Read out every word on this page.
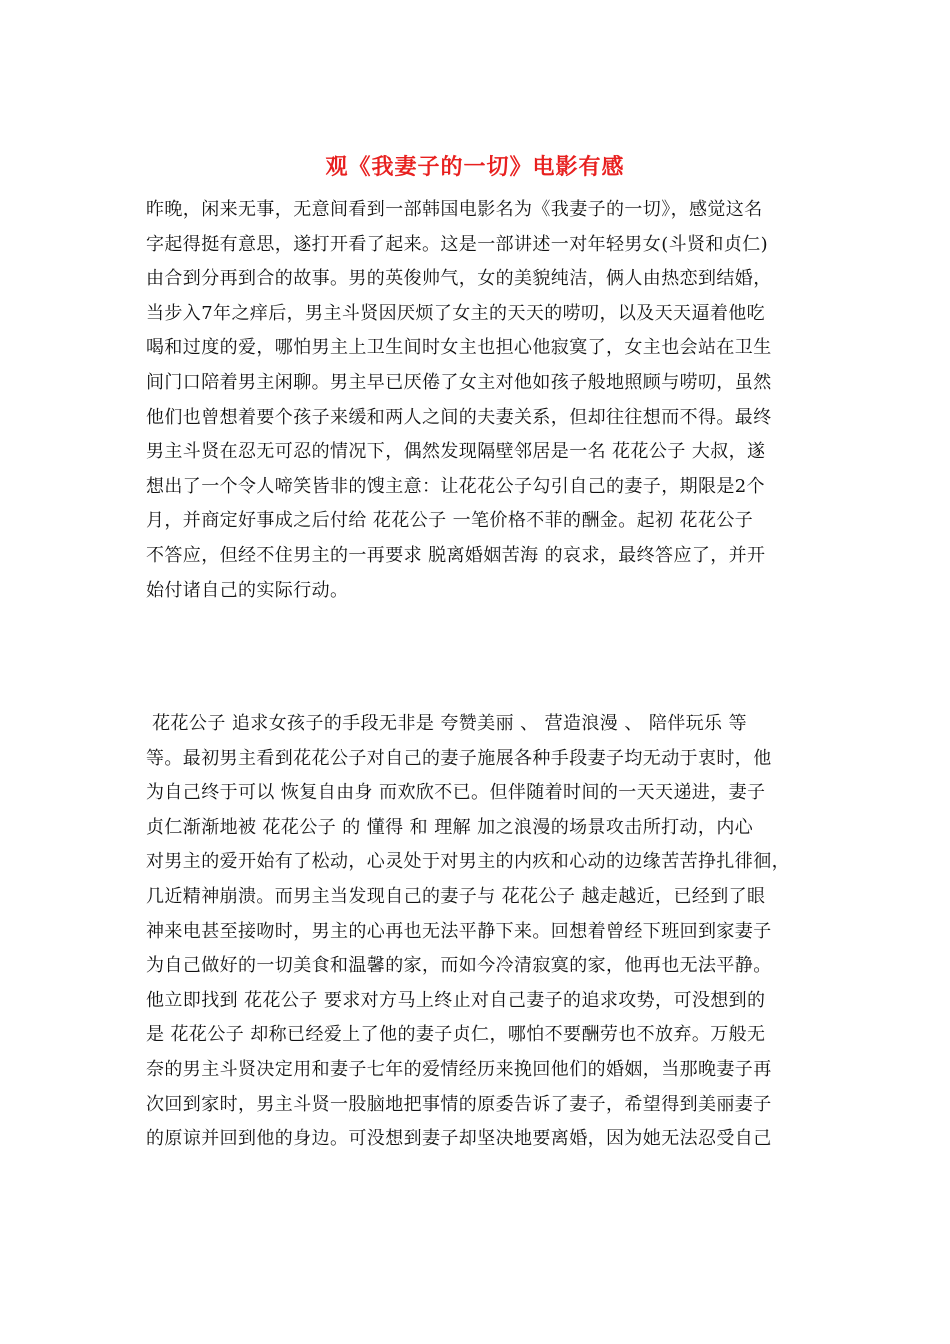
观《我妻子的一切》电影有感
昨晚，闲来无事，无意间看到一部韩国电影名为《我妻子的一切》，感觉这名
字起得挺有意思，遂打开看了起来。这是一部讲述一对年轻男女(斗贤和贞仁)
由合到分再到合的故事。男的英俊帅气，女的美貌纯洁，俩人由热恋到结婚，
当步入7年之痒后，男主斗贤因厌烦了女主的天天的唠叨，以及天天逼着他吃
喝和过度的爱，哪怕男主上卫生间时女主也担心他寂寞了，女主也会站在卫生
间门口陪着男主闲聊。男主早已厌倦了女主对他如孩子般地照顾与唠叨，虽然
他们也曾想着要个孩子来缓和两人之间的夫妻关系，但却往往想而不得。最终
男主斗贤在忍无可忍的情况下，偶然发现隔壁邻居是一名 花花公子 大叔，遂
想出了一个令人啼笑皆非的馊主意：让花花公子勾引自己的妻子，期限是2个
月，并商定好事成之后付给 花花公子 一笔价格不菲的酬金。起初 花花公子
不答应，但经不住男主的一再要求 脱离婚姻苦海 的哀求，最终答应了，并开
始付诸自己的实际行动。
花花公子 追求女孩子的手段无非是 夸赞美丽 、 营造浪漫 、 陪伴玩乐 等
等。最初男主看到花花公子对自己的妻子施展各种手段妻子均无动于衷时，他
为自己终于可以 恢复自由身 而欢欣不已。但伴随着时间的一天天递进，妻子
贞仁渐渐地被 花花公子 的 懂得 和 理解 加之浪漫的场景攻击所打动，内心
对男主的爱开始有了松动，心灵处于对男主的内疚和心动的边缘苦苦挣扎徘徊，
几近精神崩溃。而男主当发现自己的妻子与 花花公子 越走越近，已经到了眼
神来电甚至接吻时，男主的心再也无法平静下来。回想着曾经下班回到家妻子
为自己做好的一切美食和温馨的家，而如今冷清寂寞的家，他再也无法平静。
他立即找到 花花公子 要求对方马上终止对自己妻子的追求攻势，可没想到的
是 花花公子 却称已经爱上了他的妻子贞仁，哪怕不要酬劳也不放弃。万般无
奈的男主斗贤决定用和妻子七年的爱情经历来挽回他们的婚姻，当那晚妻子再
次回到家时，男主斗贤一股脑地把事情的原委告诉了妻子，希望得到美丽妻子
的原谅并回到他的身边。可没想到妻子却坚决地要离婚，因为她无法忍受自己
